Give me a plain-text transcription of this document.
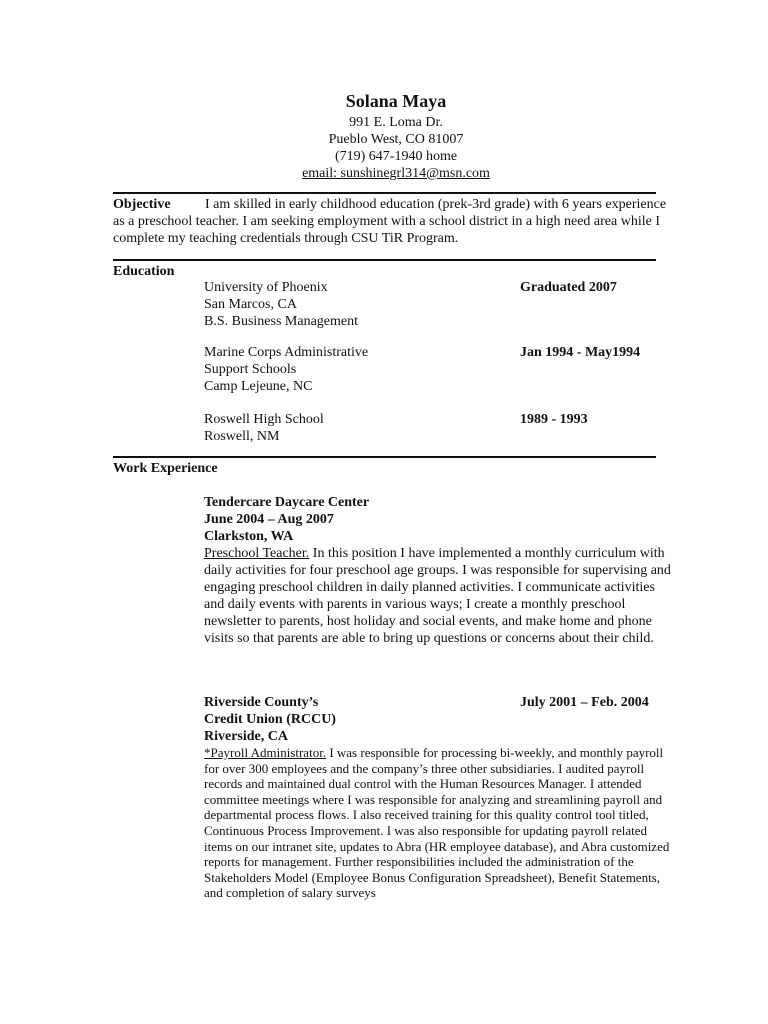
Solana Maya
991 E. Loma Dr.
Pueblo West, CO 81007
(719) 647-1940 home
email: sunshinegrl314@msn.com
Objective I am skilled in early childhood education (prek-3rd grade) with 6 years experience as a preschool teacher. I am seeking employment with a school district in a high need area while I complete my teaching credentials through CSU TiR Program.
Education
University of Phoenix
San Marcos, CA
B.S. Business Management
Graduated 2007
Marine Corps Administrative
Support Schools
Camp Lejeune, NC
Jan 1994 - May1994
Roswell High School
Roswell, NM
1989 - 1993
Work Experience
Tendercare Daycare Center
June 2004 – Aug 2007
Clarkston, WA

Preschool Teacher. In this position I have implemented a monthly curriculum with daily activities for four preschool age groups. I was responsible for supervising and engaging preschool children in daily planned activities. I communicate activities and daily events with parents in various ways; I create a monthly preschool newsletter to parents, host holiday and social events, and make home and phone visits so that parents are able to bring up questions or concerns about their child.

Riverside County’s
Credit Union (RCCU)
Riverside, CA
July 2001 – Feb. 2004

*Payroll Administrator. I was responsible for processing bi-weekly, and monthly payroll for over 300 employees and the company’s three other subsidiaries. I audited payroll records and maintained dual control with the Human Resources Manager. I attended committee meetings where I was responsible for analyzing and streamlining payroll and departmental process flows. I also received training for this quality control tool titled, Continuous Process Improvement. I was also responsible for updating payroll related items on our intranet site, updates to Abra (HR employee database), and Abra customized reports for management. Further responsibilities included the administration of the Stakeholders Model (Employee Bonus Configuration Spreadsheet), Benefit Statements, and completion of salary surveys
